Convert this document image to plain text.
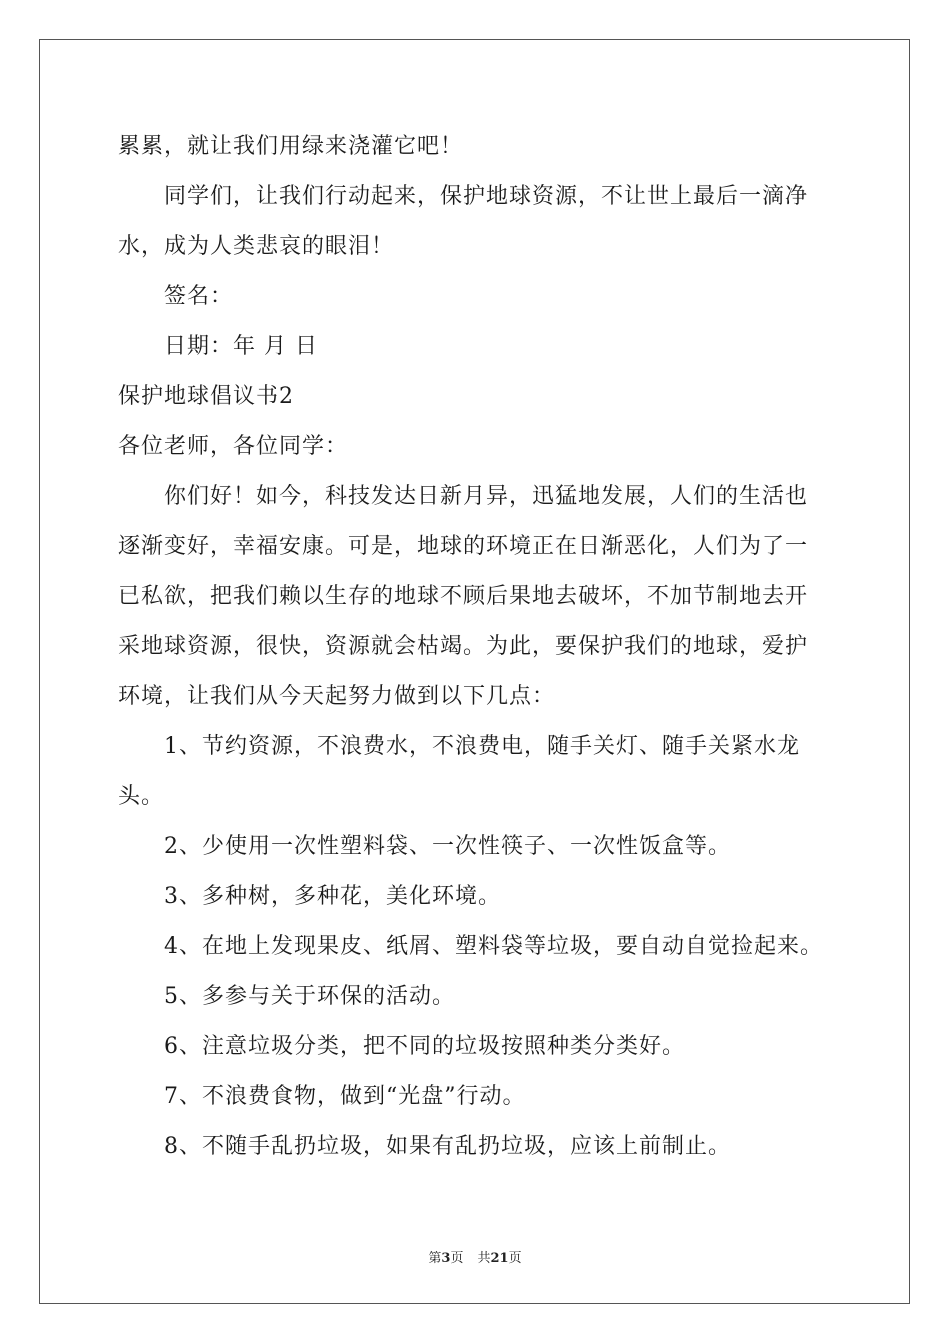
累累，就让我们用绿来浇灌它吧！
同学们，让我们行动起来，保护地球资源，不让世上最后一滴净
水，成为人类悲哀的眼泪！
签名：
日期：年 月 日
保护地球倡议书2
各位老师，各位同学：
你们好！如今，科技发达日新月异，迅猛地发展，人们的生活也
逐渐变好，幸福安康。可是，地球的环境正在日渐恶化，人们为了一
已私欲，把我们赖以生存的地球不顾后果地去破坏，不加节制地去开
采地球资源，很快，资源就会枯竭。为此，要保护我们的地球，爱护
环境，让我们从今天起努力做到以下几点：
1、节约资源，不浪费水，不浪费电，随手关灯、随手关紧水龙
头。
2、少使用一次性塑料袋、一次性筷子、一次性饭盒等。
3、多种树，多种花，美化环境。
4、在地上发现果皮、纸屑、塑料袋等垃圾，要自动自觉捡起来。
5、多参与关于环保的活动。
6、注意垃圾分类，把不同的垃圾按照种类分类好。
7、不浪费食物，做到“光盘”行动。
8、不随手乱扔垃圾，如果有乱扔垃圾，应该上前制止。
第3页 共21页
